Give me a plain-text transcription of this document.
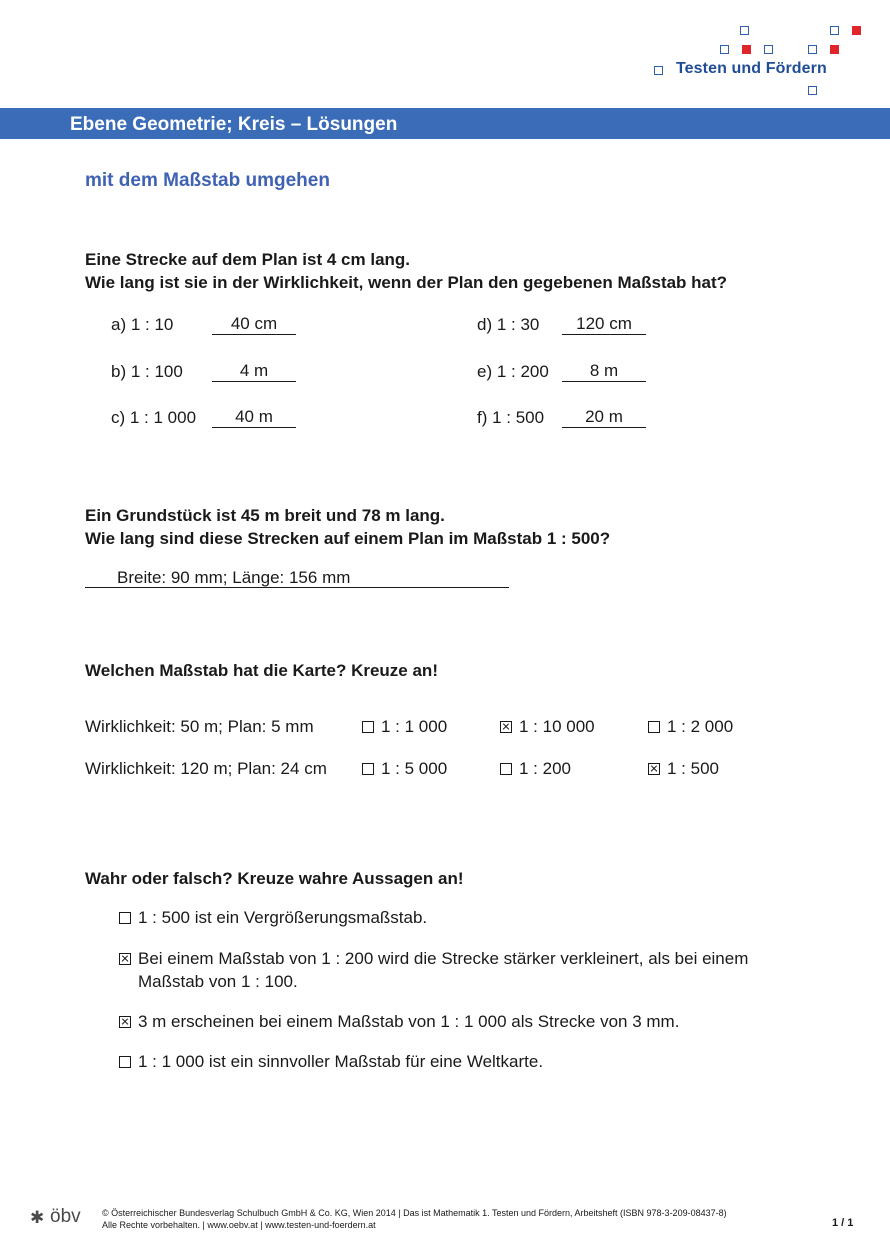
Testen und Fördern
Ebene Geometrie; Kreis – Lösungen
mit dem Maßstab umgehen
Eine Strecke auf dem Plan ist 4 cm lang.
Wie lang ist sie in der Wirklichkeit, wenn der Plan den gegebenen Maßstab hat?
a) 1 : 10	40 cm
b) 1 : 100	4 m
c) 1 : 1 000	40 m
d) 1 : 30	120 cm
e) 1 : 200	8 m
f) 1 : 500	20 m
Ein Grundstück ist 45 m breit und 78 m lang.
Wie lang sind diese Strecken auf einem Plan im Maßstab 1 : 500?
Breite: 90 mm; Länge: 156 mm
Welchen Maßstab hat die Karte? Kreuze an!
Wirklichkeit: 50 m; Plan: 5 mm	1 : 1 000	1 : 10 000	1 : 2 000
Wirklichkeit: 120 m; Plan: 24 cm	1 : 5 000	1 : 200	1 : 500
Wahr oder falsch? Kreuze wahre Aussagen an!
1 : 500 ist ein Vergrößerungsmaßstab.
Bei einem Maßstab von 1 : 200 wird die Strecke stärker verkleinert, als bei einem
Maßstab von 1 : 100.
3 m erscheinen bei einem Maßstab von 1 : 1 000 als Strecke von 3 mm.
1 : 1 000 ist ein sinnvoller Maßstab für eine Weltkarte.
✱ öbv © Österreichischer Bundesverlag Schulbuch GmbH & Co. KG, Wien 2014 | Das ist Mathematik 1. Testen und Fördern, Arbeitsheft (ISBN 978-3-209-08437-8)
Alle Rechte vorbehalten. | www.oebv.at | www.testen-und-foerdern.at	1 / 1
